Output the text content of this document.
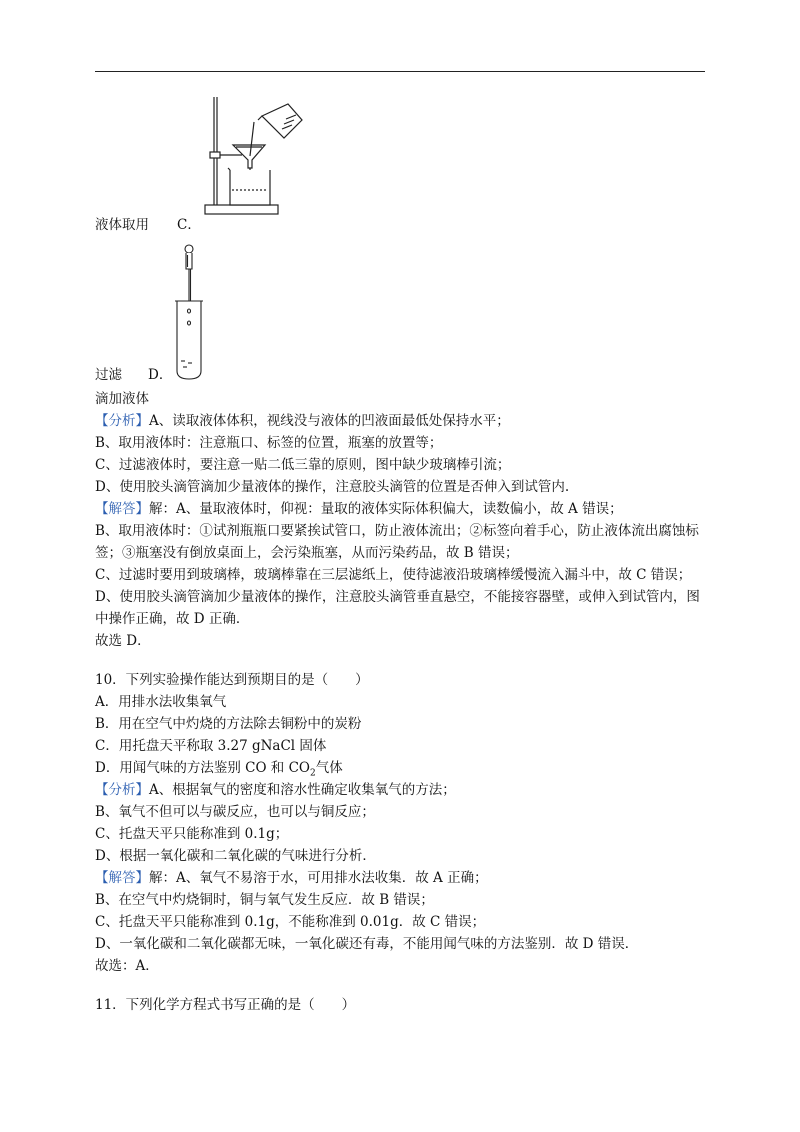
液体取用 C．
过滤 D．
滴加液体
【分析】A、读取液体体积，视线没与液体的凹液面最低处保持水平；
B、取用液体时：注意瓶口、标签的位置，瓶塞的放置等；
C、过滤液体时，要注意一贴二低三靠的原则，图中缺少玻璃棒引流；
D、使用胶头滴管滴加少量液体的操作，注意胶头滴管的位置是否伸入到试管内.
【解答】解：A、量取液体时，仰视：量取的液体实际体积偏大，读数偏小，故 A 错误；
B、取用液体时：①试剂瓶瓶口要紧挨试管口，防止液体流出；②标签向着手心，防止液体流出腐蚀标
签；③瓶塞没有倒放桌面上，会污染瓶塞，从而污染药品，故 B 错误；
C、过滤时要用到玻璃棒，玻璃棒靠在三层滤纸上，使待滤液沿玻璃棒缓慢流入漏斗中，故 C 错误；
D、使用胶头滴管滴加少量液体的操作，注意胶头滴管垂直悬空，不能接容器壁，或伸入到试管内，图
中操作正确，故 D 正确．
故选 D．
10．下列实验操作能达到预期目的是（　　）
A．用排水法收集氧气
B．用在空气中灼烧的方法除去铜粉中的炭粉
C．用托盘天平称取 3.27 gNaCl 固体
D．用闻气味的方法鉴别 CO 和 $CO_2$气体
【分析】A、根据氧气的密度和溶水性确定收集氧气的方法；
B、氧气不但可以与碳反应，也可以与铜反应；
C、托盘天平只能称准到 0.1g；
D、根据一氧化碳和二氧化碳的气味进行分析．
【解答】解：A、氧气不易溶于水，可用排水法收集．故 A 正确；
B、在空气中灼烧铜时，铜与氧气发生反应．故 B 错误；
C、托盘天平只能称准到 0.1g，不能称准到 0.01g．故 C 错误；
D、一氧化碳和二氧化碳都无味，一氧化碳还有毒，不能用闻气味的方法鉴别．故 D 错误．
故选：A．
11．下列化学方程式书写正确的是（　　）
